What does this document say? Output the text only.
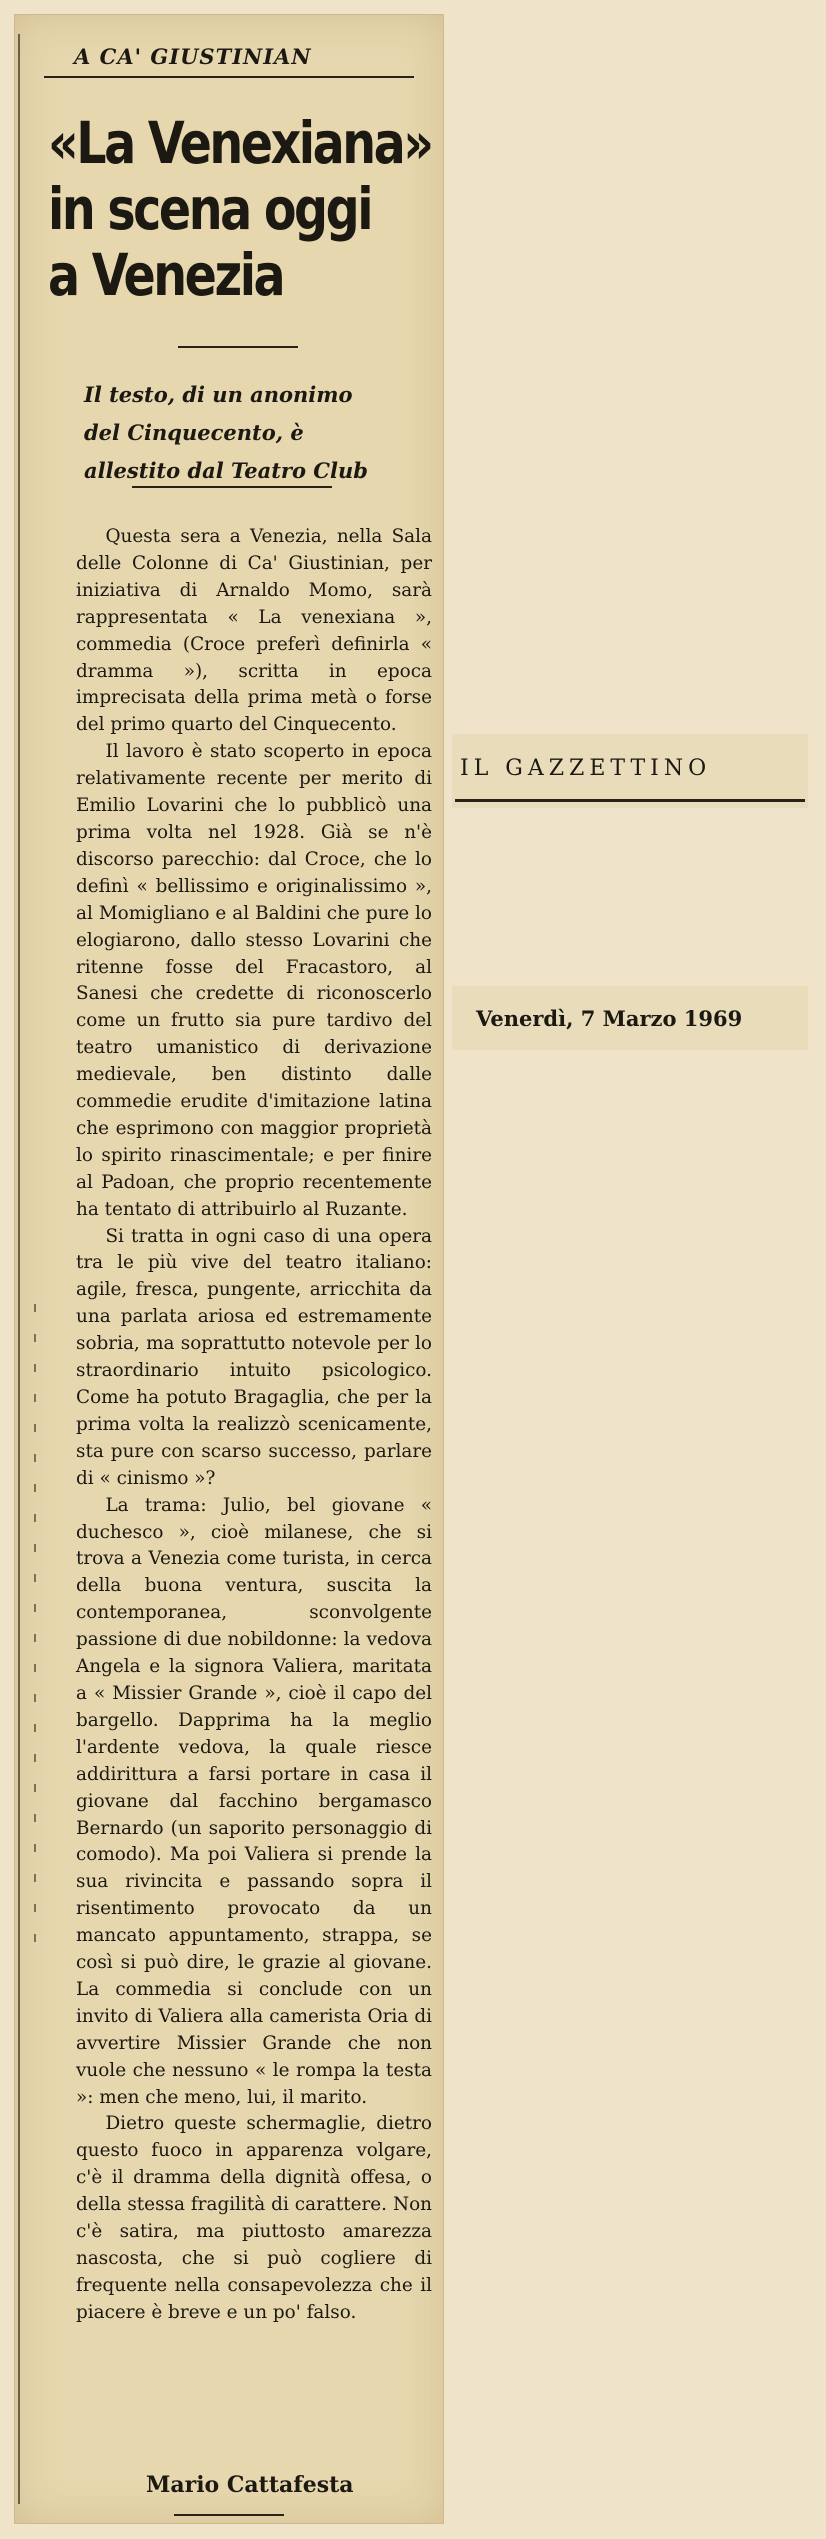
A CA' GIUSTINIAN
«La Venexiana»
in scena oggi
a Venezia
Il testo, di un anonimo del Cinquecento, è allestito dal Teatro Club

Questa sera a Venezia, nella Sala delle Colonne di Ca' Giustinian, per iniziativa di Arnaldo Momo, sarà rappresentata « La venexiana », commedia (Croce preferì definirla « dramma »), scritta in epoca imprecisata della prima metà o forse del primo quarto del Cinquecento.

Il lavoro è stato scoperto in epoca relativamente recente per merito di Emilio Lovarini che lo pubblicò una prima volta nel 1928. Già se n'è discorso parecchio: dal Croce, che lo definì « bellissimo e originalissimo », al Momigliano e al Baldini che pure lo elogiarono, dallo stesso Lovarini che ritenne fosse del Fracastoro, al Sanesi che credette di riconoscerlo come un frutto sia pure tardivo del teatro umanistico di derivazione medievale, ben distinto dalle commedie erudite d'imitazione latina che esprimono con maggior proprietà lo spirito rinascimentale; e per finire al Padoan, che proprio recentemente ha tentato di attribuirlo al Ruzante.

Si tratta in ogni caso di una opera tra le più vive del teatro italiano: agile, fresca, pungente, arricchita da una parlata ariosa ed estremamente sobria, ma soprattutto notevole per lo straordinario intuito psicologico. Come ha potuto Bragaglia, che per la prima volta la realizzò scenicamente, sta pure con scarso successo, parlare di « cinismo »?

La trama: Julio, bel giovane « duchesco », cioè milanese, che si trova a Venezia come turista, in cerca della buona ventura, suscita la contemporanea, sconvolgente passione di due nobildonne: la vedova Angela e la signora Valiera, maritata a « Missier Grande », cioè il capo del bargello. Dapprima ha la meglio l'ardente vedova, la quale riesce addirittura a farsi portare in casa il giovane dal facchino bergamasco Bernardo (un saporito personaggio di comodo). Ma poi Valiera si prende la sua rivincita e passando sopra il risentimento provocato da un mancato appuntamento, strappa, se così si può dire, le grazie al giovane. La commedia si conclude con un invito di Valiera alla camerista Oria di avvertire Missier Grande che non vuole che nessuno « le rompa la testa »: men che meno, lui, il marito.

Dietro queste schermaglie, dietro questo fuoco in apparenza volgare, c'è il dramma della dignità offesa, o della stessa fragilità di carattere. Non c'è satira, ma piuttosto amarezza nascosta, che si può cogliere di frequente nella consapevolezza che il piacere è breve e un po' falso.

Mario Cattafesta
IL GAZZETTINO
Venerdì, 7 Marzo 1969
